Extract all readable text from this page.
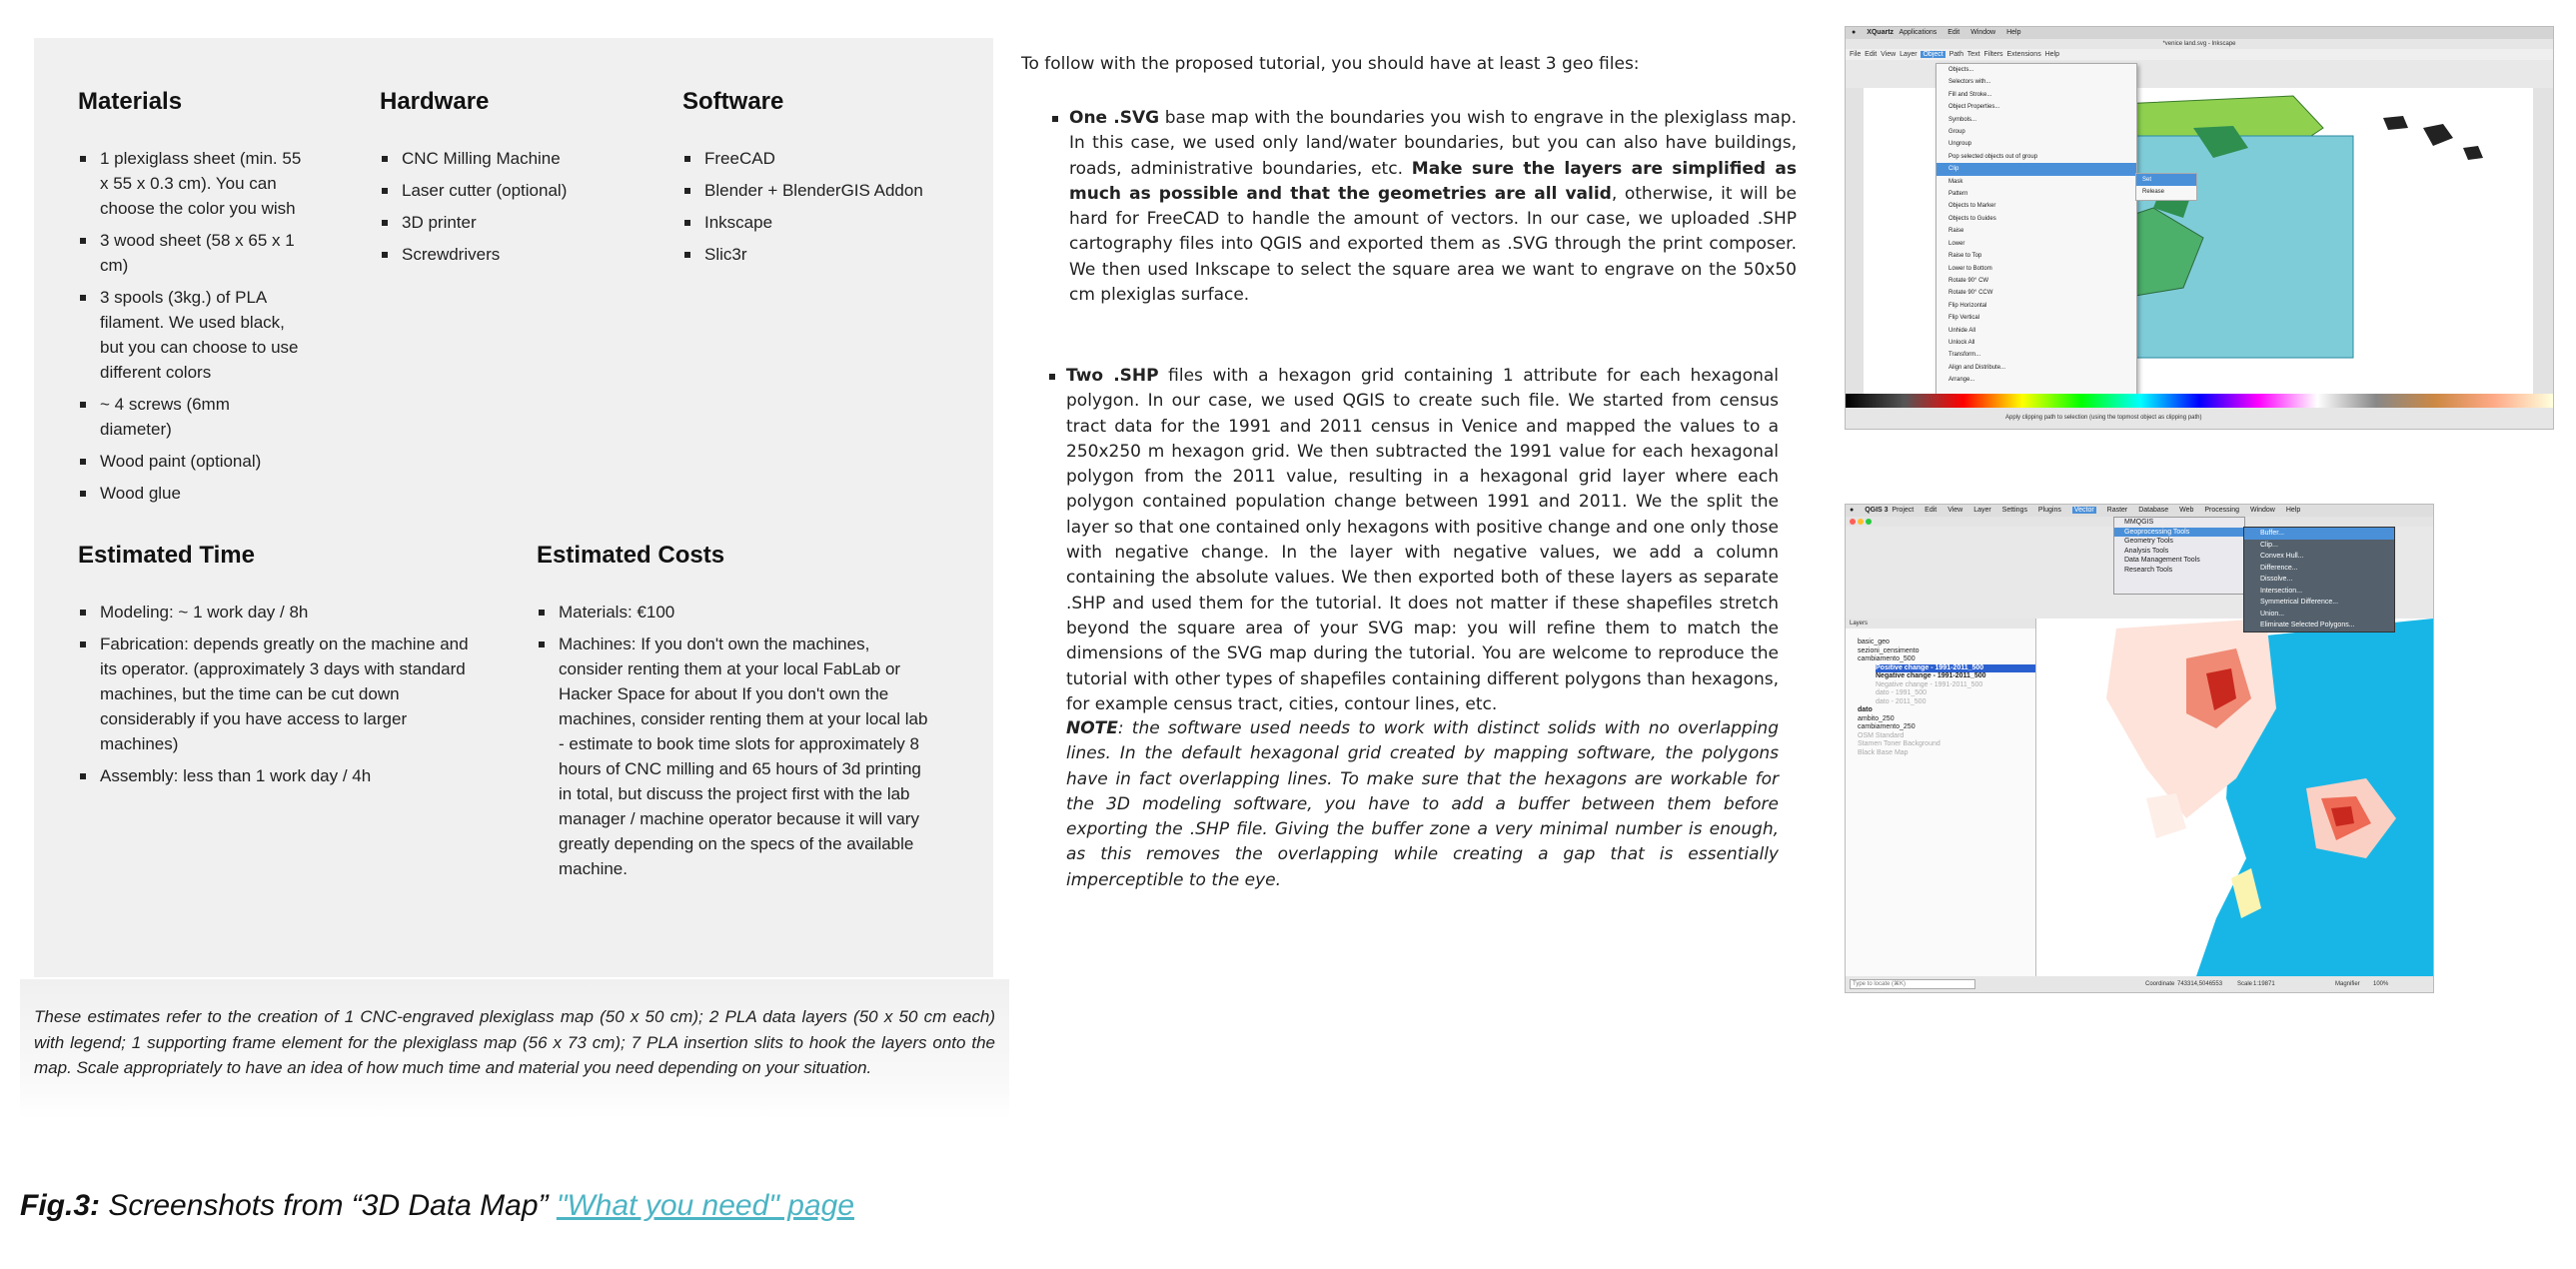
Materials
1 plexiglass sheet (min. 55 x 55 x 0.3 cm). You can choose the color you wish
3 wood sheet (58 x 65 x 1 cm)
3 spools (3kg.) of PLA filament. We used black, but you can choose to use different colors
~ 4 screws (6mm diameter)
Wood paint (optional)
Wood glue
Hardware
CNC Milling Machine
Laser cutter (optional)
3D printer
Screwdrivers
Software
FreeCAD
Blender + BlenderGIS Addon
Inkscape
Slic3r
Estimated Time
Modeling: ~ 1 work day / 8h
Fabrication: depends greatly on the machine and its operator. (approximately 3 days with standard machines, but the time can be cut down considerably if you have access to larger machines)
Assembly: less than 1 work day / 4h
Estimated Costs
Materials: €100
Machines: If you don't own the machines, consider renting them at your local FabLab or Hacker Space for about If you don't own the machines, consider renting them at your local lab - estimate to book time slots for approximately 8 hours of CNC milling and 65 hours of 3d printing in total, but discuss the project first with the lab manager / machine operator because it will vary greatly depending on the specs of the available machine.
These estimates refer to the creation of 1 CNC-engraved plexiglass map (50 x 50 cm); 2 PLA data layers (50 x 50 cm each) with legend; 1 supporting frame element for the plexiglass map (56 x 73 cm); 7 PLA insertion slits to hook the layers onto the map. Scale appropriately to have an idea of how much time and material you need depending on your situation.
To follow with the proposed tutorial, you should have at least 3 geo files:
One .SVG base map with the boundaries you wish to engrave in the plexiglass map. In this case, we used only land/water boundaries, but you can also have buildings, roads, administrative boundaries, etc. Make sure the layers are simplified as much as possible and that the geometries are all valid, otherwise, it will be hard for FreeCAD to handle the amount of vectors. In our case, we uploaded .SHP cartography files into QGIS and exported them as .SVG through the print composer. We then used Inkscape to select the square area we want to engrave on the 50x50 cm plexiglas surface.
Two .SHP files with a hexagon grid containing 1 attribute for each hexagonal polygon. In our case, we used QGIS to create such file. We started from census tract data for the 1991 and 2011 census in Venice and mapped the values to a 250x250 m hexagon grid. We then subtracted the 1991 value for each hexagonal polygon from the 2011 value, resulting in a hexagonal grid layer where each polygon contained population change between 1991 and 2011. We the split the layer so that one contained only hexagons with positive change and one only those with negative change. In the layer with negative values, we add a column containing the absolute values. We then exported both of these layers as separate .SHP and used them for the tutorial. It does not matter if these shapefiles stretch beyond the square area of your SVG map: you will refine them to match the dimensions of the SVG map during the tutorial. You are welcome to reproduce the tutorial with other types of shapefiles containing different polygons than hexagons, for example census tract, cities, contour lines, etc.
NOTE: the software used needs to work with distinct solids with no overlapping lines. In the default hexagonal grid created by mapping software, the polygons have in fact overlapping lines. To make sure that the hexagons are workable for the 3D modeling software, you have to add a buffer between them before exporting the .SHP file. Giving the buffer zone a very minimal number is enough, as this removes the overlapping while creating a gap that is essentially imperceptible to the eye.
Fig.3: Screenshots from “3D Data Map” "What you need" page
● XQuartz Applications Edit Window Help
*venice land.svg - Inkscape
File Edit View Layer Object Path Text Filters Extensions Help
Objects...
Selectors with...
Fill and Stroke...
Object Properties...
Symbols...
Group
Ungroup
Pop selected objects out of group
Clip
Mask
Pattern
Objects to Marker
Objects to Guides
Raise
Lower
Raise to Top
Lower to Bottom
Rotate 90° CW
Rotate 90° CCW
Flip Horizontal
Flip Vertical
Unhide All
Unlock All
Transform...
Align and Distribute...
Arrange...
Set
Release
Apply clipping path to selection (using the topmost object as clipping path)
● QGIS 3 Project Edit View Layer Settings Plugins Vector Raster Database Web Processing Window Help
Layers
basic_geo
sezioni_censimento
cambiamento_500
Positive change - 1991-2011_500
Negative change - 1991-2011_500
Negative change - 1991-2011_500
dato - 1991_500
dato - 2011_500
dato
ambito_250
cambiamento_250
OSM Standard
Stamen Toner Background
Black Base Map
MMQGIS
Geoprocessing Tools
Geometry Tools
Analysis Tools
Data Management Tools
Research Tools
Buffer...
Clip...
Convex Hull...
Difference...
Dissolve...
Intersection...
Symmetrical Difference...
Union...
Eliminate Selected Polygons...
Type to locate (⌘K)
Coordinate 743314,5046553 Scale 1:19871	Magnifier 100%
